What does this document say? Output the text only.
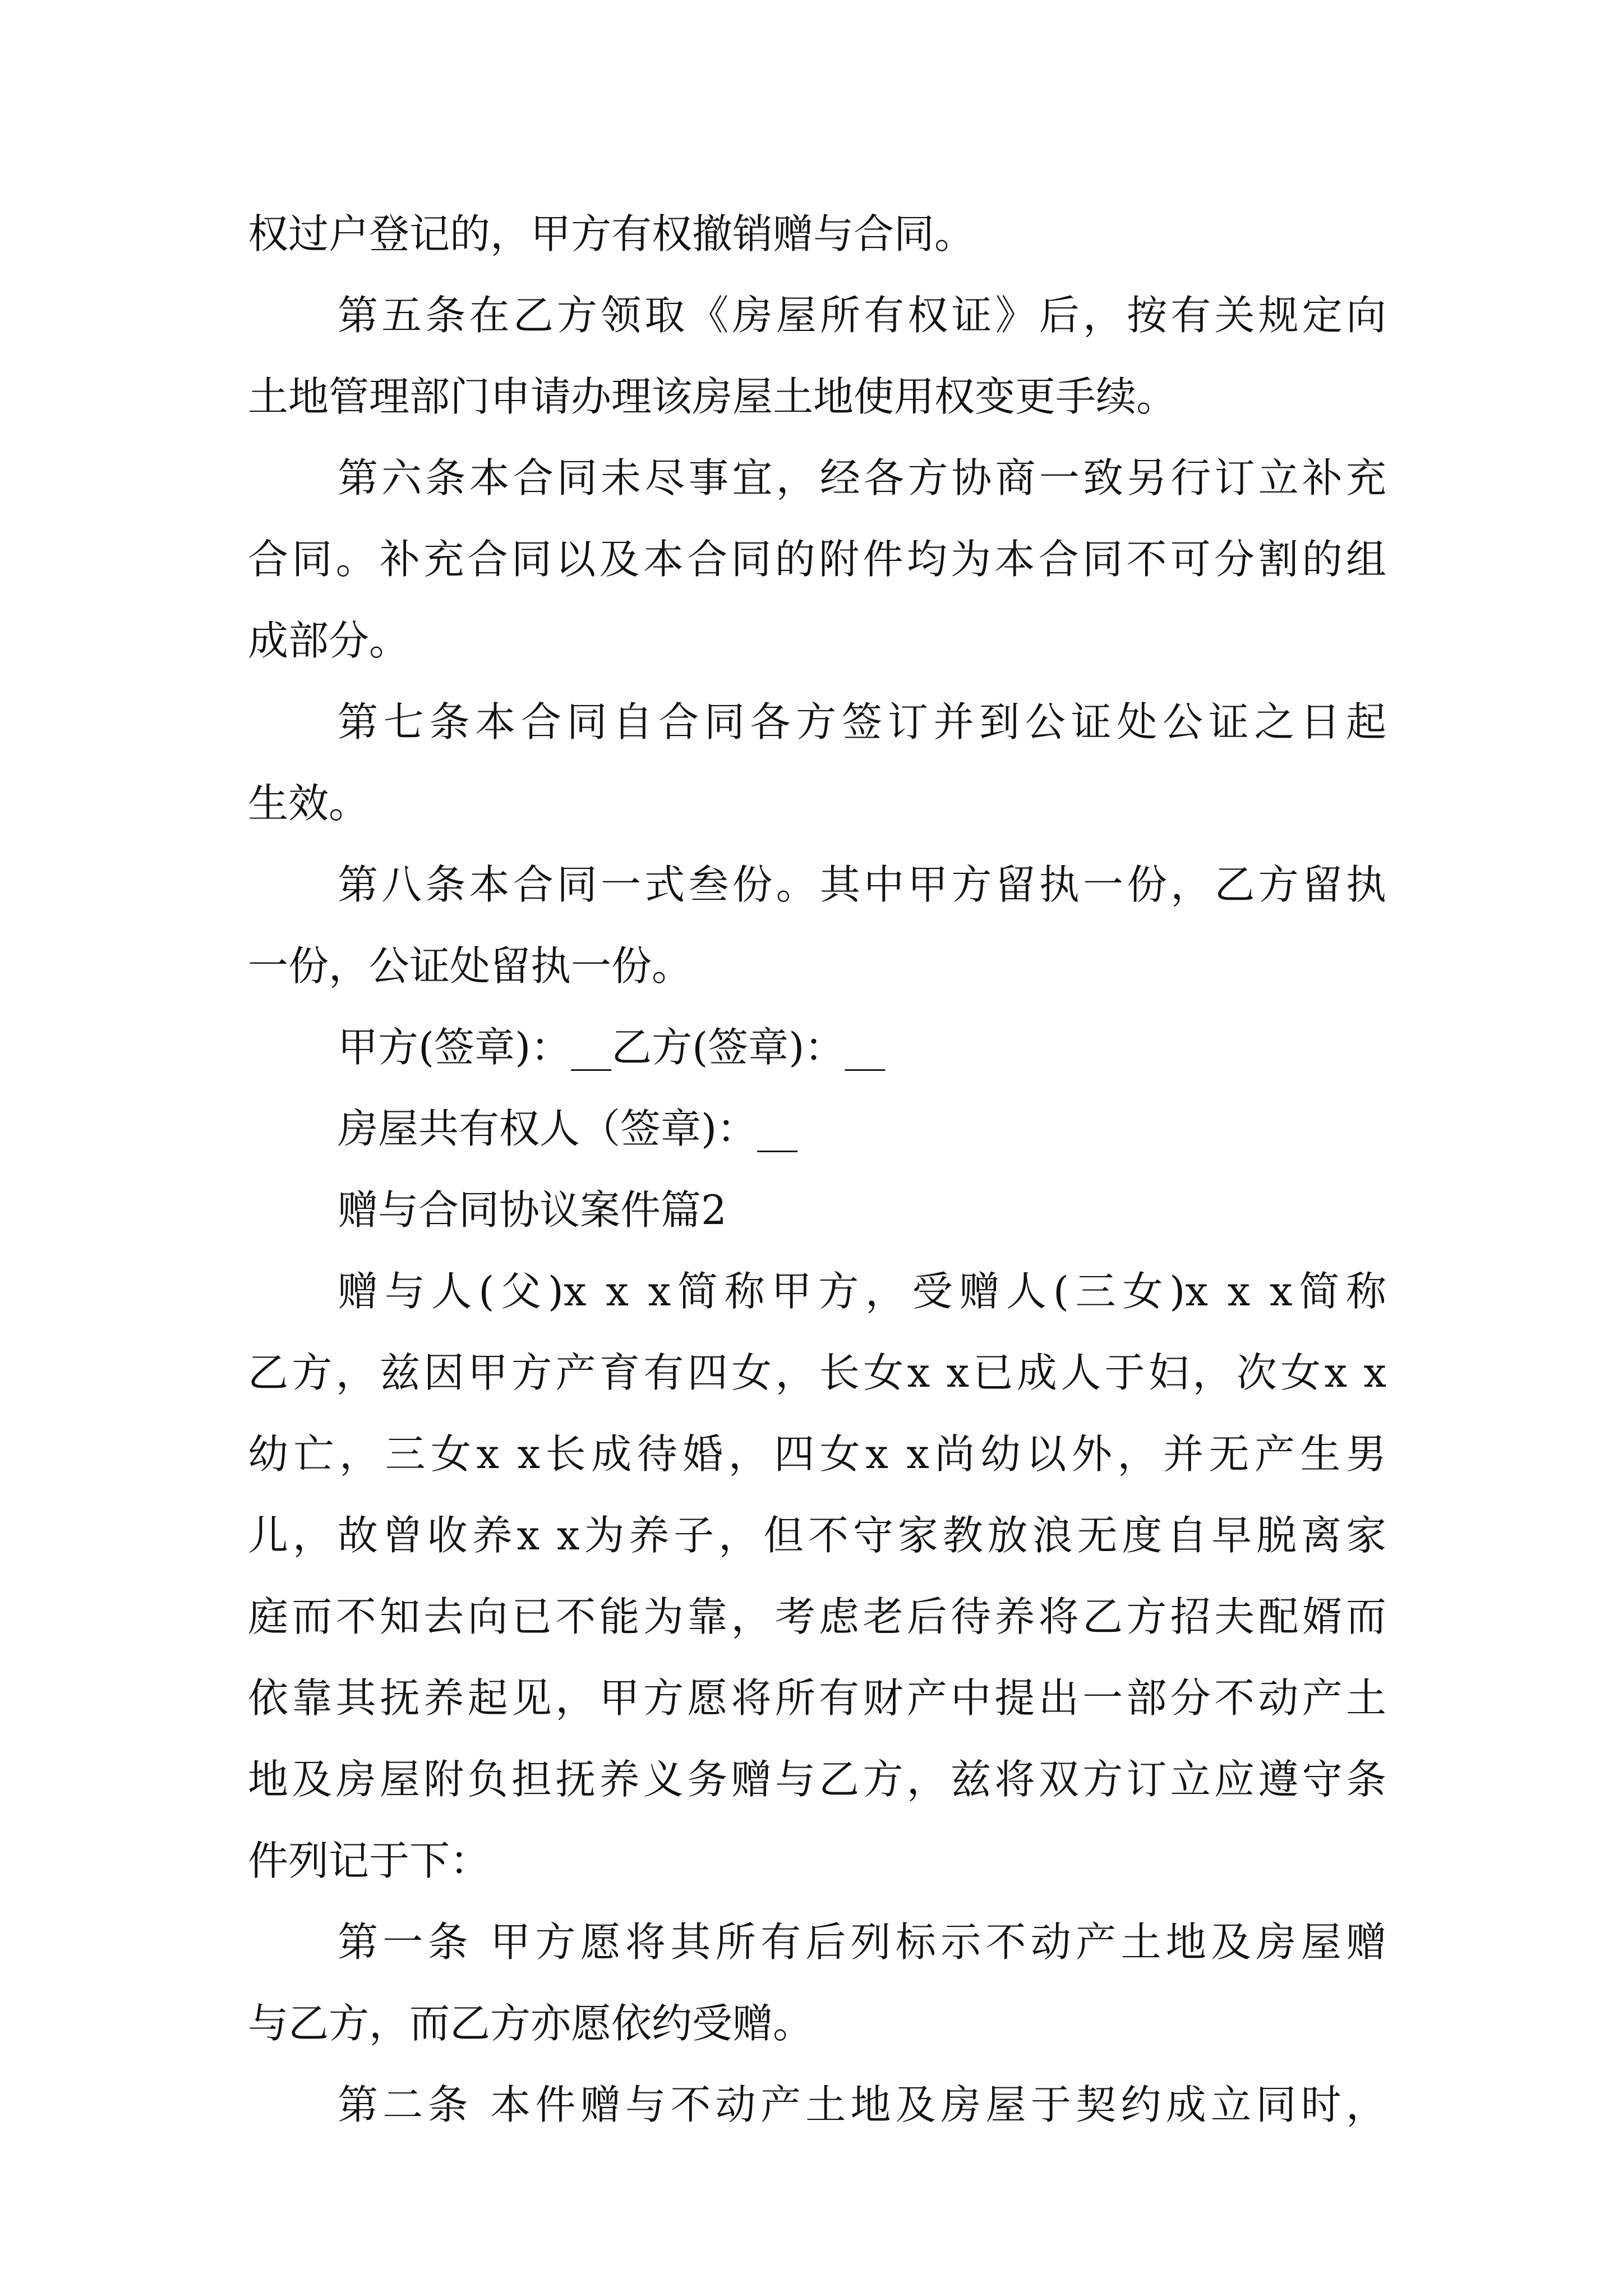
权过户登记的，甲方有权撤销赠与合同。
第五条在乙方领取《房屋所有权证》后，按有关规定向
土地管理部门申请办理该房屋土地使用权变更手续。
第六条本合同未尽事宜，经各方协商一致另行订立补充
合同。补充合同以及本合同的附件均为本合同不可分割的组
成部分。
第七条本合同自合同各方签订并到公证处公证之日起
生效。
第八条本合同一式叁份。其中甲方留执一份，乙方留执
一份，公证处留执一份。
甲方(签章)：__乙方(签章)：__
房屋共有权人（签章)：__
赠与合同协议案件篇2
赠与人(父)x x x简称甲方，受赠人(三女)x x x简称
乙方，兹因甲方产育有四女，长女x x已成人于妇，次女x x
幼亡，三女x x长成待婚，四女x x尚幼以外，并无产生男
儿，故曾收养x x为养子，但不守家教放浪无度自早脱离家
庭而不知去向已不能为靠，考虑老后待养将乙方招夫配婿而
依靠其抚养起见，甲方愿将所有财产中提出一部分不动产土
地及房屋附负担抚养义务赠与乙方，兹将双方订立应遵守条
件列记于下：
第一条 甲方愿将其所有后列标示不动产土地及房屋赠
与乙方，而乙方亦愿依约受赠。
第二条 本件赠与不动产土地及房屋于契约成立同时，
